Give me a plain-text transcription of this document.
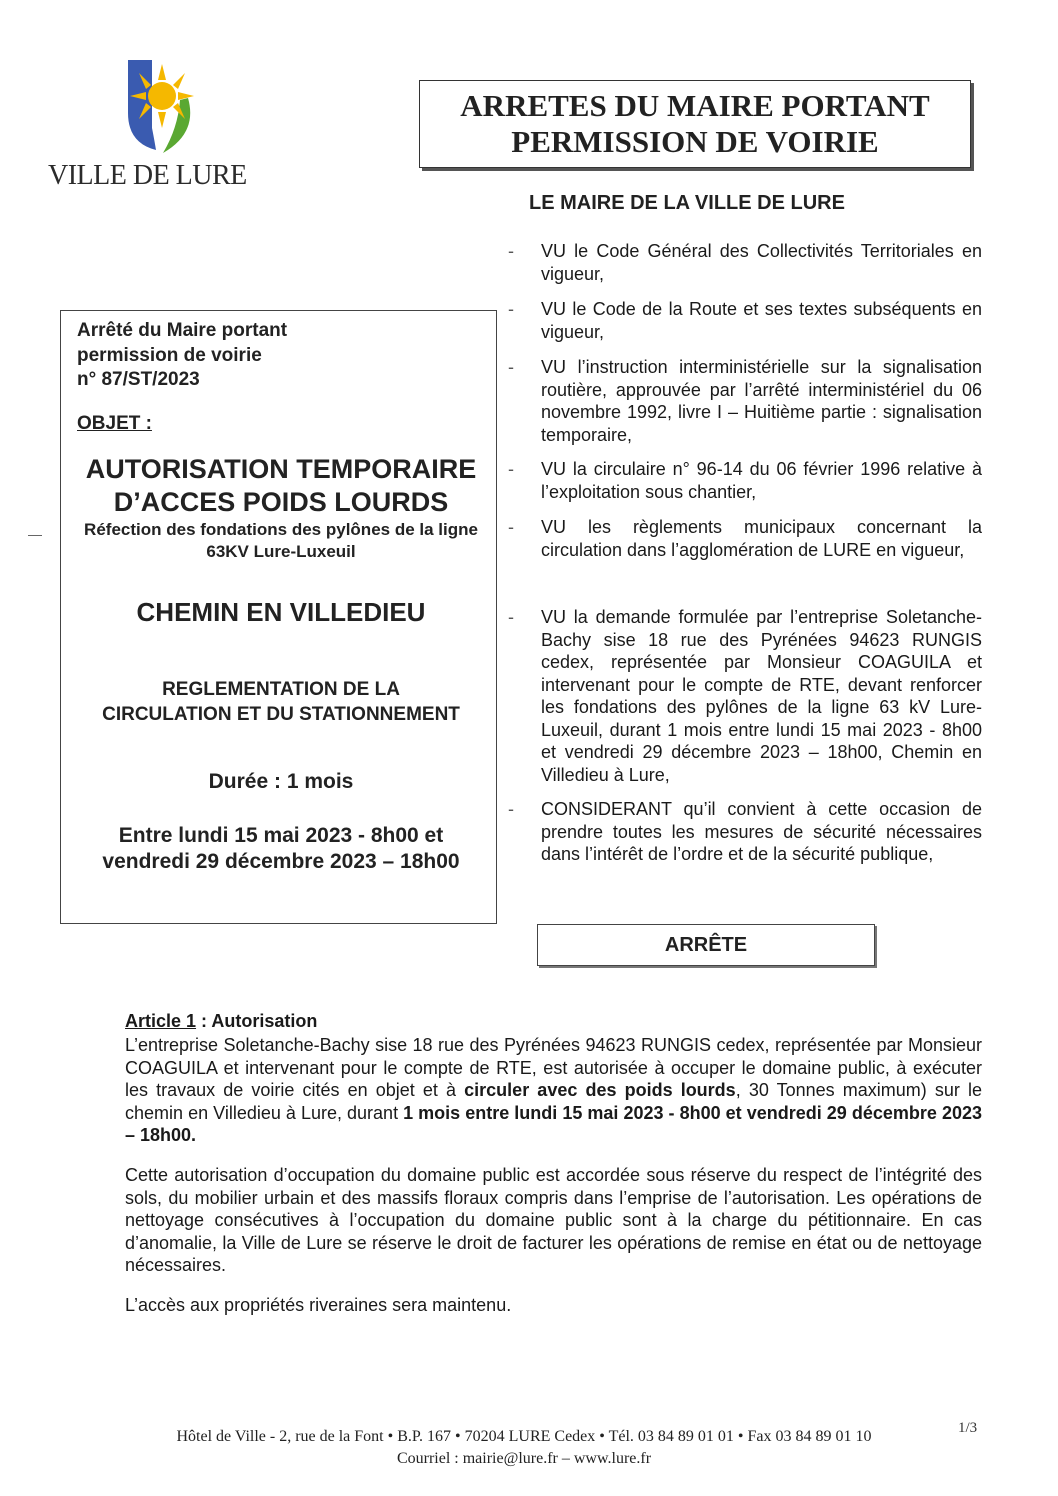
VILLE DE LURE
ARRETES DU MAIRE PORTANT
PERMISSION DE VOIRIE
LE MAIRE DE LA VILLE DE LURE
-	VU le Code Général des Collectivités Territoriales en vigueur,
-	VU le Code de la Route et ses textes subséquents en vigueur,
-	VU l’instruction interministérielle sur la signalisation routière, approuvée par l’arrêté interministériel du 06 novembre 1992, livre I – Huitième partie : signalisation temporaire,
-	VU la circulaire n° 96-14 du 06 février 1996 relative à l’exploitation sous chantier,
-	VU les règlements municipaux concernant la circulation dans l’agglomération de LURE en vigueur,
-	VU la demande formulée par l’entreprise Soletanche-Bachy sise 18 rue des Pyrénées 94623 RUNGIS cedex, représentée par Monsieur COAGUILA et intervenant pour le compte de RTE, devant renforcer les fondations des pylônes de la ligne 63 kV Lure-Luxeuil, durant 1 mois entre lundi 15 mai 2023 - 8h00 et vendredi 29 décembre 2023 – 18h00, Chemin en Villedieu à Lure,
-	CONSIDERANT qu’il convient à cette occasion de prendre toutes les mesures de sécurité nécessaires dans l’intérêt de l’ordre et de la sécurité publique,
Arrêté du Maire portant
permission de voirie
n° 87/ST/2023
OBJET :
AUTORISATION TEMPORAIRE
D’ACCES POIDS LOURDS
Réfection des fondations des pylônes de la ligne 63KV Lure-Luxeuil
CHEMIN EN VILLEDIEU
REGLEMENTATION DE LA
CIRCULATION ET DU STATIONNEMENT
Durée : 1 mois
Entre lundi 15 mai 2023 - 8h00 et
vendredi 29 décembre 2023 – 18h00
ARRÊTE
Article 1 : Autorisation
L’entreprise Soletanche-Bachy sise 18 rue des Pyrénées 94623 RUNGIS cedex, représentée par Monsieur COAGUILA et intervenant pour le compte de RTE, est autorisée à occuper le domaine public, à exécuter les travaux de voirie cités en objet et à circuler avec des poids lourds, 30 Tonnes maximum) sur le chemin en Villedieu à Lure, durant 1 mois entre lundi 15 mai 2023 - 8h00 et vendredi 29 décembre 2023 – 18h00.
Cette autorisation d’occupation du domaine public est accordée sous réserve du respect de l’intégrité des sols, du mobilier urbain et des massifs floraux compris dans l’emprise de l’autorisation. Les opérations de nettoyage consécutives à l’occupation du domaine public sont à la charge du pétitionnaire. En cas d’anomalie, la Ville de Lure se réserve le droit de facturer les opérations de remise en état ou de nettoyage nécessaires.
L’accès aux propriétés riveraines sera maintenu.
Hôtel de Ville - 2, rue de la Font • B.P. 167 • 70204 LURE Cedex • Tél. 03 84 89 01 01 • Fax 03 84 89 01 10
Courriel : mairie@lure.fr – www.lure.fr
1/3
